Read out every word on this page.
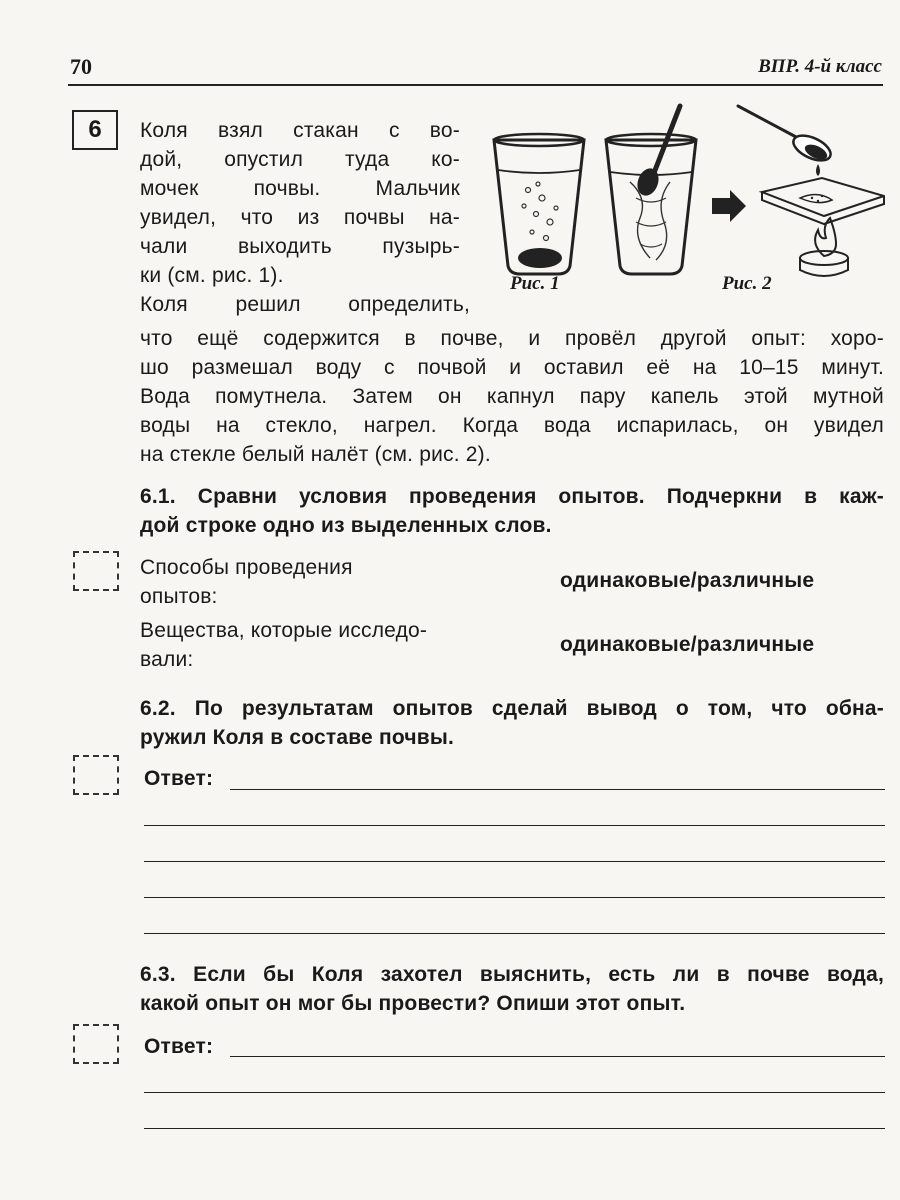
70	ВПР. 4-й класс
6 Коля взял стакан с во-
дой, опустил туда ко-
мочек почвы. Мальчик
увидел, что из почвы на-
чали выходить пузырь-
ки (см. рис. 1).
Коля решил определить,
что ещё содержится в почве, и провёл другой опыт: хоро-
шо размешал воду с почвой и оставил её на 10–15 минут.
Вода помутнела. Затем он капнул пару капель этой мутной
воды на стекло, нагрел. Когда вода испарилась, он увидел
на стекле белый налёт (см. рис. 2).
Рис. 1	Рис. 2
6.1. Сравни условия проведения опытов. Подчеркни в каж-
дой строке одно из выделенных слов.
Способы проведения
опытов:
одинаковые/различные
Вещества, которые исследо-
вали:
одинаковые/различные
6.2. По результатам опытов сделай вывод о том, что обна-
ружил Коля в составе почвы.
Ответ:
6.3. Если бы Коля захотел выяснить, есть ли в почве вода,
какой опыт он мог бы провести? Опиши этот опыт.
Ответ:
